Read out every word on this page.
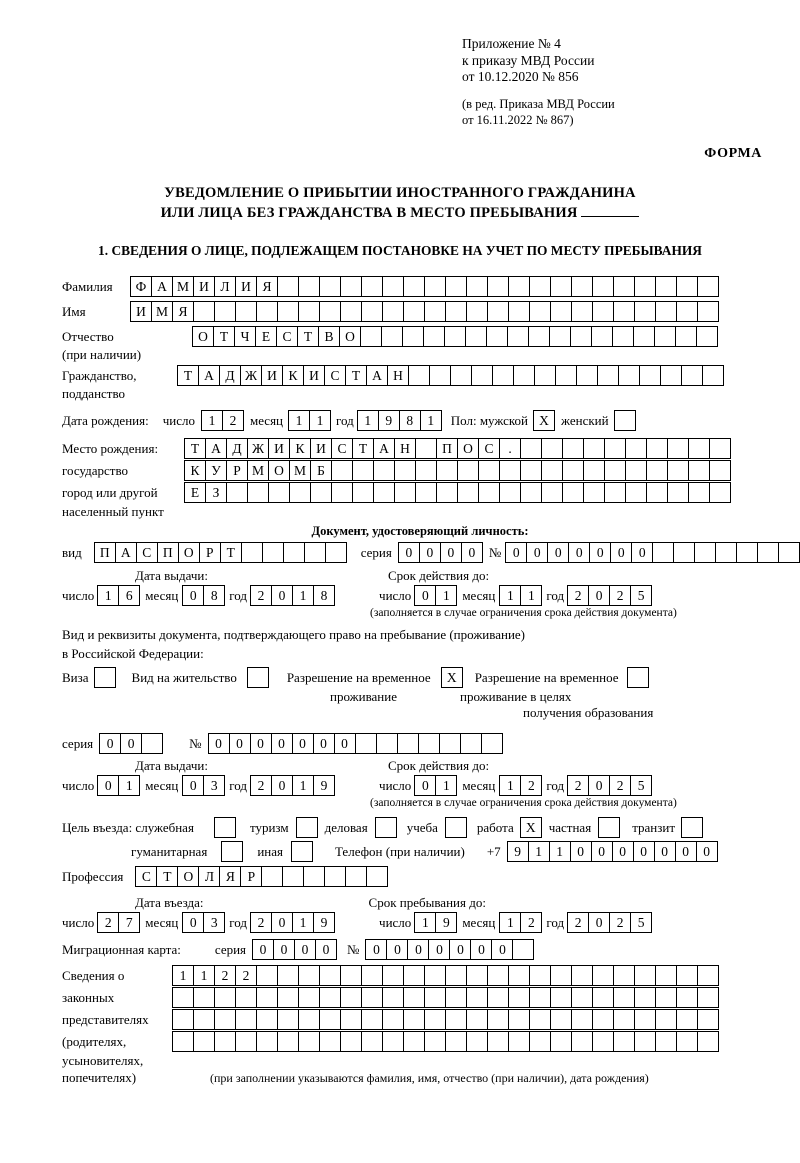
Приложение № 4
к приказу МВД России
от 10.12.2020 № 856
(в ред. Приказа МВД России
от 16.11.2022 № 867)
ФОРМА
УВЕДОМЛЕНИЕ О ПРИБЫТИИ ИНОСТРАННОГО ГРАЖДАНИНА
ИЛИ ЛИЦА БЕЗ ГРАЖДАНСТВА В МЕСТО ПРЕБЫВАНИЯ
1. СВЕДЕНИЯ О ЛИЦЕ, ПОДЛЕЖАЩЕМ ПОСТАНОВКЕ НА УЧЕТ ПО МЕСТУ ПРЕБЫВАНИЯ
Фамилия	Ф А М И Л И Я
Имя	И М Я
Отчество	О Т Ч Е С Т В О
(при наличии)
Гражданство,	Т А Д Ж И К И С Т А Н
подданство
Дата рождения: число	1	2	месяц 1	1 год 1	9	8	1	Пол: мужской X женский
Место рождения:	Т А Д Ж И К И С Т А Н	П О С	.
государство	К У Р М О М Б
город или другой	Е З
населенный пункт
Документ, удостоверяющий личность:
вид	П А С П О Р Т	серия	0	0	0	0	№ 0	0	0	0	0	0	0
Дата выдачи:	Срок действия до:
число 1	6 месяц 0	8 год 2	0	1	8	число 0	1 месяц 1	1 год 2	0	2	5
(заполняется в случае ограничения срока действия документа)
Вид и реквизиты документа, подтверждающего право на пребывание (проживание)
в Российской Федерации:
Виза	Вид на жительство	Разрешение на временное	X	Разрешение на временное
проживание	проживание в целях
получения образования
серия	0	0	№	0	0	0	0	0	0	0
Дата выдачи:	Срок действия до:
число 0	1 месяц 0	3 год 2	0	1	9	число 0	1 месяц 1	2 год 2	0	2	5
(заполняется в случае ограничения срока действия документа)
Цель въезда: служебная	туризм	деловая	учеба	работа X	частная	транзит
гуманитарная	иная	Телефон (при наличии) +7	9	1	1	0	0	0	0	0	0	0
Профессия	С Т О Л Я Р
Дата въезда:	Срок пребывания до:
число 2	7 месяц 0	3 год 2	0	1	9	число 1	9 месяц 1	2 год 2	0	2	5
Миграционная карта:	серия	0	0	0	0	№	0	0	0	0	0	0	0
Сведения о	1	1	2	2
законных
представителях
(родителях,
усыновителях,
попечителях)	(при заполнении указываются фамилия, имя, отчество (при наличии), дата рождения)
